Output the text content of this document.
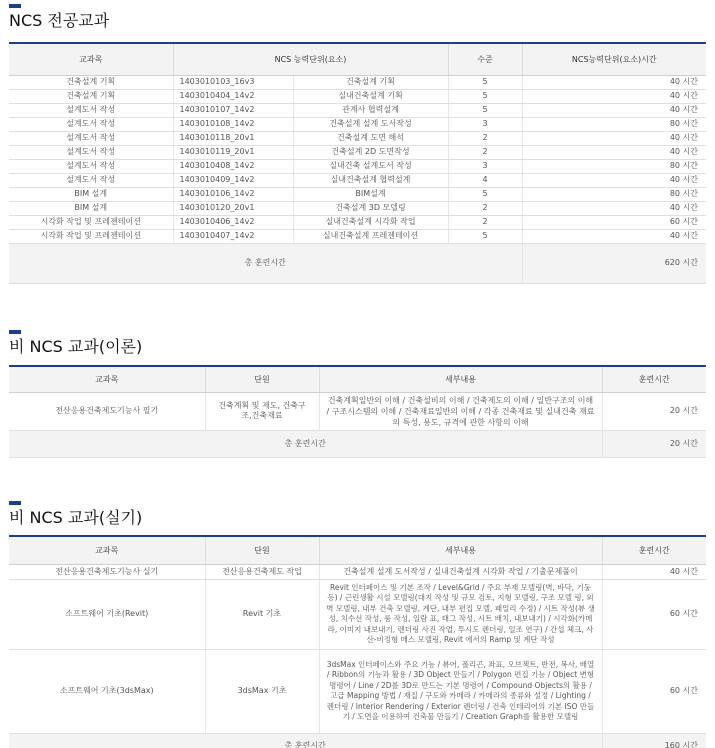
NCS 전공교과
교과목	NCS 능력단위(요소)		수준	NCS능력단위(요소)시간
건축설계 기획	1403010103_16v3	건축설계 기획	5	40 시간
건축설계 기획	1403010404_14v2	실내건축설계 기획	5	40 시간
설계도서 작성	1403010107_14v2	관계사 협력설계	5	40 시간
설계도서 작성	1403010108_14v2	건축설계 설계 도서작성	3	80 시간
설계도서 작성	1403010118_20v1	건축설계 도면 해석	2	40 시간
설계도서 작성	1403010119_20v1	건축설계 2D 도면작성	2	40 시간
설계도서 작성	1403010408_14v2	실내건축 설계도서 작성	3	80 시간
설계도서 작성	1403010409_14v2	실내건축설계 협력설계	4	40 시간
BIM 설계	1403010106_14v2	BIM설계	5	80 시간
BIM 설계	1403010120_20v1	건축설계 3D 모델링	2	40 시간
시각화 작업 및 프레젠테이션	1403010406_14v2	실내건축설계 시각화 작업	2	60 시간
시각화 작업 및 프레젠테이션	1403010407_14v2	실내건축설계 프레젠테이션	5	40 시간
총 훈련시간				620 시간
비 NCS 교과(이론)
교과목	단원	세부내용	훈련시간
전산응용건축제도기능사 필기	건축계획 및 제도, 건축구조,건축재료	건축계획일반의 이해 / 건축설비의 이해 / 건축제도의 이해 / 일반구조의 이해 / 구조시스템의 이해 / 건축재료일반의 이해 / 각종 건축재료 및 실내건축 재료의 특성, 용도, 규격에 관한 사항의 이해	20 시간
총 훈련시간			20 시간
비 NCS 교과(실기)
교과목	단원	세부내용	훈련시간
전산응용건축제도기능사 실기	전산응용건축제도 작업	건축설계 설계 도서작성 / 실내건축설계 시각화 작업 / 기출문제풀이	40 시간
소프트웨어 기초(Revit)	Revit 기초	Revit 인터페이스 및 기본 조작 / Level&Grid / 주요 부재 모델링(벽, 바닥, 기둥 등) / 근린생활 시설 모델링(대지 작성 및 규모 검토, 지형 모델링, 구조 모델 링, 외벽 모델링, 내부 건축 모델링, 계단, 내부 편집 모델, 패밀리 수정) / 시트 작성(뷰 생성, 치수선 작성, 룸 작성, 일람 표, 태그 작성, 시트 배치, 내보내기) / 시각화(카메라, 이미지 내보내기, 렌더링 사진 작업, 투시도 렌더링, 일조 연구) / 간섭 체크, 사산-비정형 매스 모델링, Revit 에서의 Ramp 및 계단 작성	60 시간
소프트웨어 기초(3dsMax)	3dsMax 기초	3dsMax 인터페이스와 주요 기능 / 뷰어, 폴리곤, 좌표, 오브젝트, 반전, 복사, 배열 / Ribbon의 기능과 활용 / 3D Object 만들기 / Polygon 편집 기능 / Object 변형 명령어 / Line / 2D를 3D로 만드는 기본 명령어 / Compound Objects의 활용 / 고급 Mapping 방법 / 재질 / 구도와 카메라 / 카메라의 종류와 설정 / Lighting / 렌더링 / Interior Rendering / Exterior 렌더링 / 건축 인테리어의 기본 ISO 만들기 / 도면을 이용하여 건축물 만들기 / Creation Graph를 활용한 모델링	60 시간
총 훈련시간			160 시간
